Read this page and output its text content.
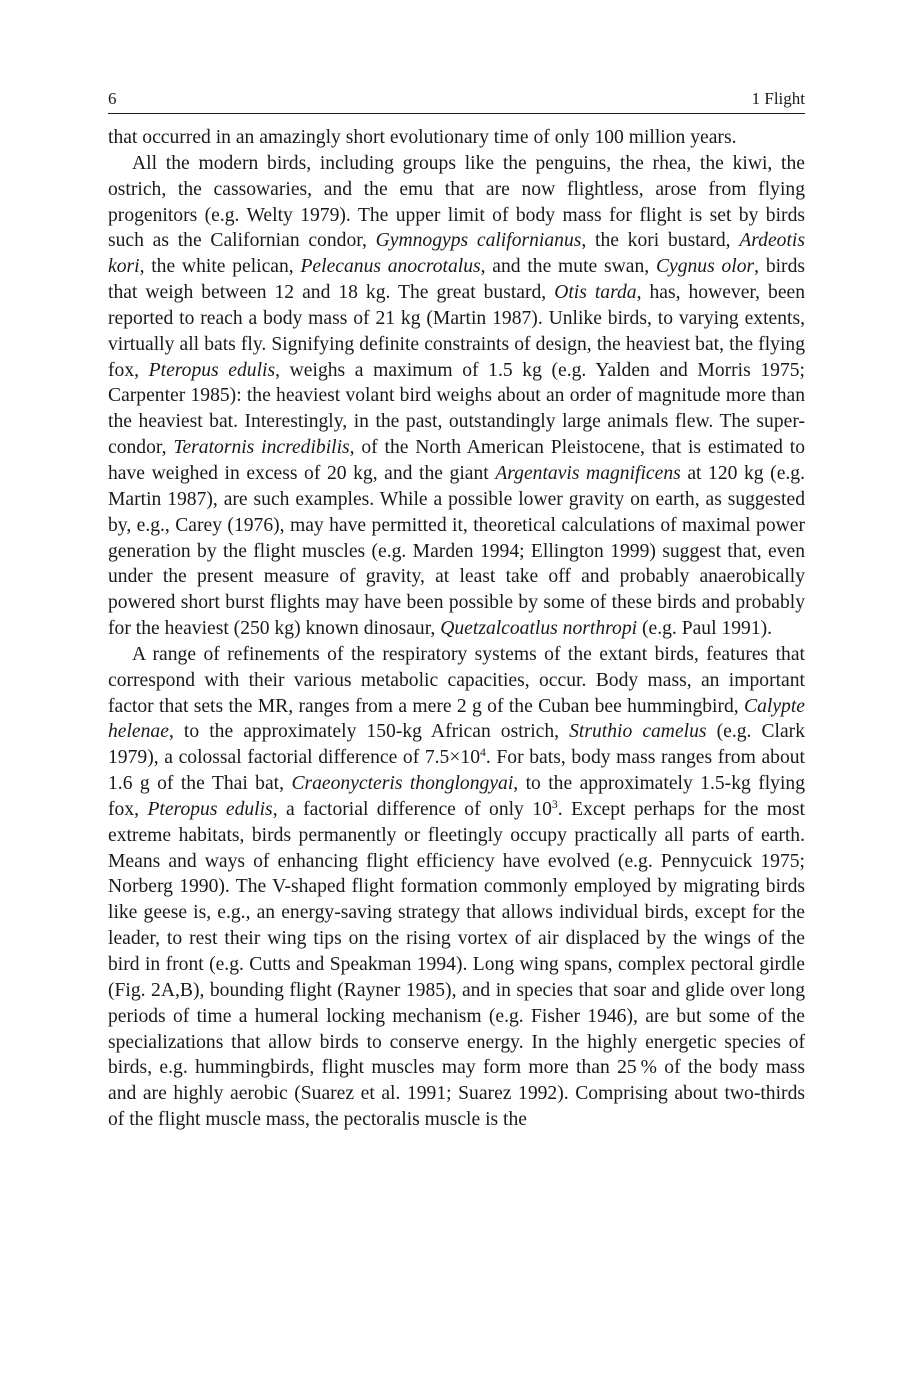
6	1 Flight

that occurred in an amazingly short evolutionary time of only 100 million years.

All the modern birds, including groups like the penguins, the rhea, the kiwi, the ostrich, the cassowaries, and the emu that are now flightless, arose from flying progenitors (e.g. Welty 1979). The upper limit of body mass for flight is set by birds such as the Californian condor, Gymnogyps californianus, the kori bustard, Ardeotis kori, the white pelican, Pelecanus anocrotalus, and the mute swan, Cygnus olor, birds that weigh between 12 and 18 kg. The great bustard, Otis tarda, has, however, been reported to reach a body mass of 21 kg (Martin 1987). Unlike birds, to varying extents, virtually all bats fly. Signifying definite constraints of design, the heaviest bat, the flying fox, Pteropus edulis, weighs a maximum of 1.5 kg (e.g. Yalden and Morris 1975; Carpenter 1985): the heaviest volant bird weighs about an order of magnitude more than the heaviest bat. Interestingly, in the past, outstandingly large animals flew. The super-condor, Teratornis incredibilis, of the North American Pleistocene, that is estimated to have weighed in excess of 20 kg, and the giant Argentavis magnificens at 120 kg (e.g. Martin 1987), are such examples. While a possible lower gravity on earth, as suggested by, e.g., Carey (1976), may have permitted it, theoretical calculations of maximal power generation by the flight muscles (e.g. Marden 1994; Ellington 1999) suggest that, even under the present measure of gravity, at least take off and probably anaerobically powered short burst flights may have been possible by some of these birds and probably for the heaviest (250 kg) known dinosaur, Quetzalcoatlus northropi (e.g. Paul 1991).

A range of refinements of the respiratory systems of the extant birds, features that correspond with their various metabolic capacities, occur. Body mass, an important factor that sets the MR, ranges from a mere 2 g of the Cuban bee hummingbird, Calypte helenae, to the approximately 150-kg African ostrich, Struthio camelus (e.g. Clark 1979), a colossal factorial difference of $7.5\times 10^4$. For bats, body mass ranges from about 1.6 g of the Thai bat, Craeonycteris thonglongyai, to the approximately 1.5-kg flying fox, Pteropus edulis, a factorial difference of only $10^3$. Except perhaps for the most extreme habitats, birds permanently or fleetingly occupy practically all parts of earth. Means and ways of enhancing flight efficiency have evolved (e.g. Pennycuick 1975; Norberg 1990). The V-shaped flight formation commonly employed by migrating birds like geese is, e.g., an energy-saving strategy that allows individual birds, except for the leader, to rest their wing tips on the rising vortex of air displaced by the wings of the bird in front (e.g. Cutts and Speakman 1994). Long wing spans, complex pectoral girdle (Fig. 2A,B), bounding flight (Rayner 1985), and in species that soar and glide over long periods of time a humeral locking mechanism (e.g. Fisher 1946), are but some of the specializations that allow birds to conserve energy. In the highly energetic species of birds, e.g. hummingbirds, flight muscles may form more than 25 % of the body mass and are highly aerobic (Suarez et al. 1991; Suarez 1992). Comprising about two-thirds of the flight muscle mass, the pectoralis muscle is the
